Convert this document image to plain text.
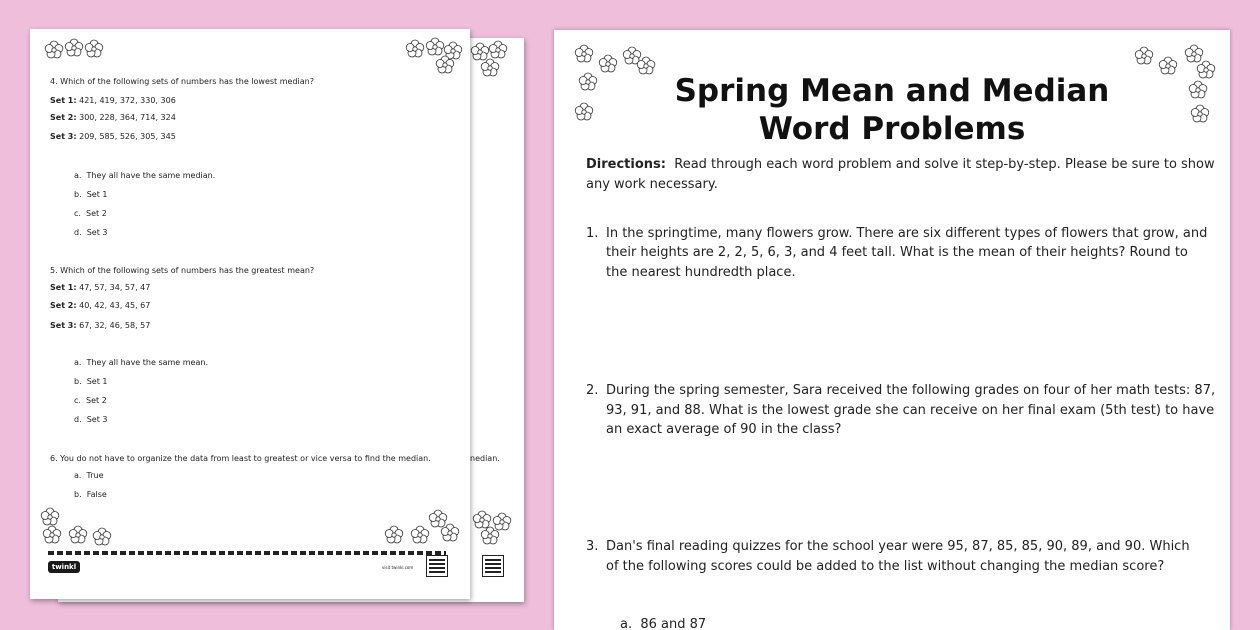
nedian.
4. Which of the following sets of numbers has the lowest median?
Set 1: 421, 419, 372, 330, 306
Set 2: 300, 228, 364, 714, 324
Set 3: 209, 585, 526, 305, 345
a. They all have the same median.
b. Set 1
c. Set 2
d. Set 3
5. Which of the following sets of numbers has the greatest mean?
Set 1: 47, 57, 34, 57, 47
Set 2: 40, 42, 43, 45, 67
Set 3: 67, 32, 46, 58, 57
a. They all have the same mean.
b. Set 1
c. Set 2
d. Set 3
6. You do not have to organize the data from least to greatest or vice versa to find the median.
a. True
b. False
twinkl	visit twinkl.com
Spring Mean and Median
Word Problems
Directions: Read through each word problem and solve it step-by-step. Please be sure to show
any work necessary.
1. In the springtime, many flowers grow. There are six different types of flowers that grow, and
their heights are 2, 2, 5, 6, 3, and 4 feet tall. What is the mean of their heights? Round to
the nearest hundredth place.
2. During the spring semester, Sara received the following grades on four of her math tests: 87,
93, 91, and 88. What is the lowest grade she can receive on her final exam (5th test) to have
an exact average of 90 in the class?
3. Dan's final reading quizzes for the school year were 95, 87, 85, 85, 90, 89, and 90. Which
of the following scores could be added to the list without changing the median score?
a. 86 and 87
